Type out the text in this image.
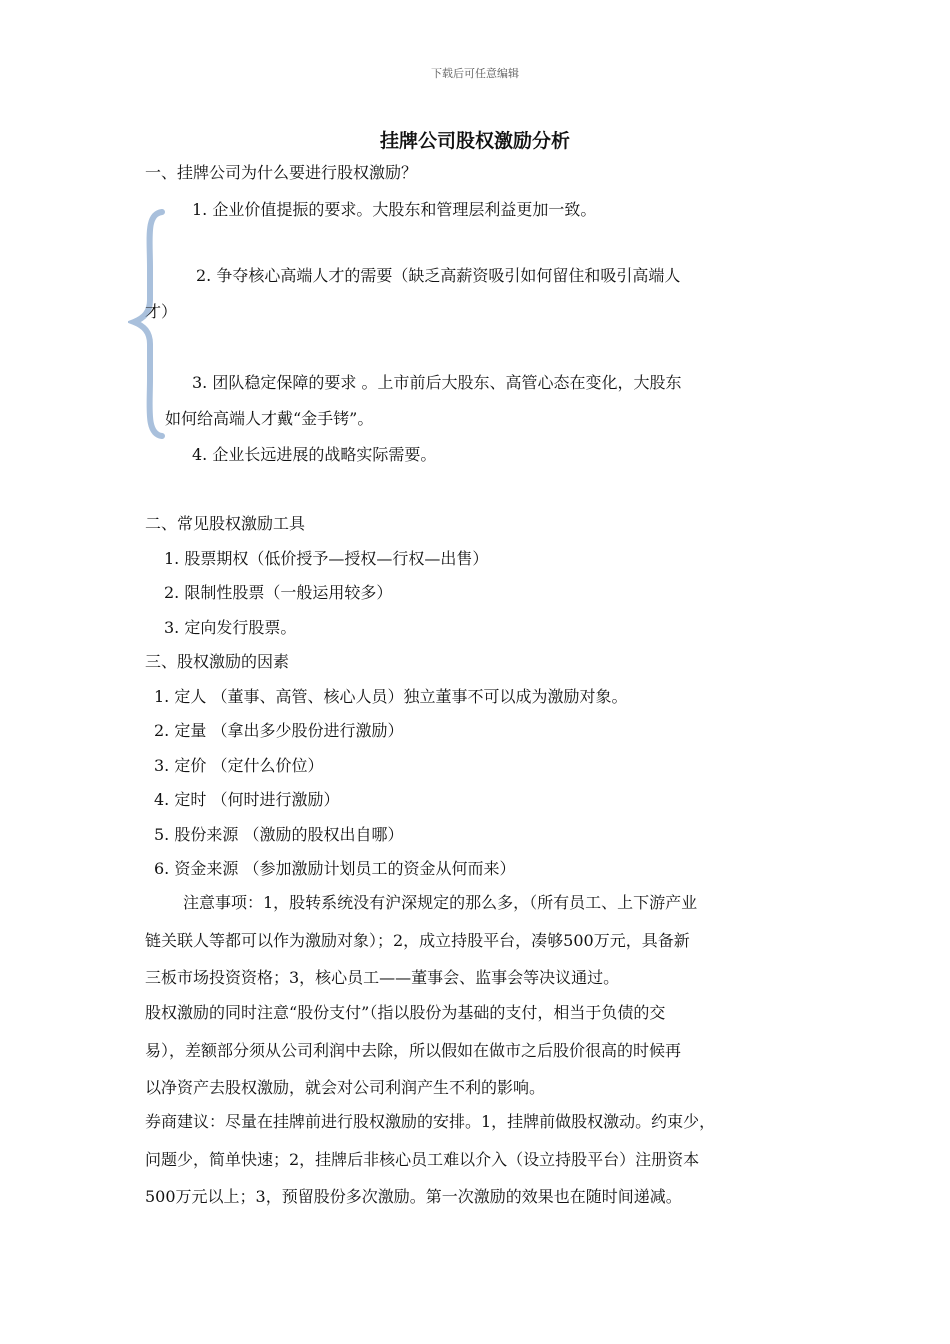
下载后可任意编辑
挂牌公司股权激励分析
一、挂牌公司为什么要进行股权激励？
1. 企业价值提振的要求。大股东和管理层利益更加一致。
2. 争夺核心高端人才的需要（缺乏高薪资吸引如何留住和吸引高端人
才）
3. 团队稳定保障的要求 。上市前后大股东、高管心态在变化，大股东
如何给高端人才戴“金手铐”。
4. 企业长远进展的战略实际需要。
二、常见股权激励工具
1. 股票期权（低价授予—授权—行权—出售）
2. 限制性股票（一般运用较多）
3. 定向发行股票。
三、股权激励的因素
1. 定人 （董事、高管、核心人员）独立董事不可以成为激励对象。
2. 定量 （拿出多少股份进行激励）
3. 定价 （定什么价位）
4. 定时 （何时进行激励）
5. 股份来源 （激励的股权出自哪）
6. 资金来源 （参加激励计划员工的资金从何而来）
注意事项：1，股转系统没有沪深规定的那么多，（所有员工、上下游产业
链关联人等都可以作为激励对象）；2，成立持股平台，凑够500万元，具备新
三板市场投资资格；3，核心员工——董事会、监事会等决议通过。
股权激励的同时注意“股份支付”（指以股份为基础的支付，相当于负债的交
易），差额部分须从公司利润中去除，所以假如在做市之后股价很高的时候再
以净资产去股权激励，就会对公司利润产生不利的影响。
券商建议：尽量在挂牌前进行股权激励的安排。1，挂牌前做股权激动。约束少，
问题少，简单快速；2，挂牌后非核心员工难以介入（设立持股平台）注册资本
500万元以上；3，预留股份多次激励。第一次激励的效果也在随时间递减。
